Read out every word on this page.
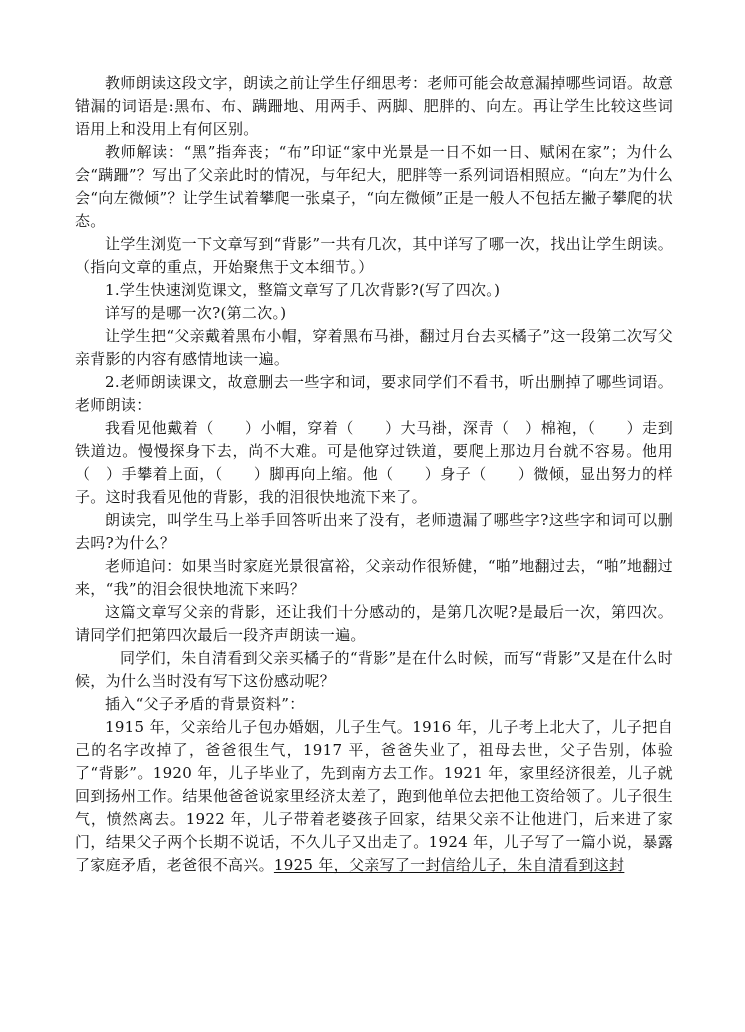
教师朗读这段文字，朗读之前让学生仔细思考：老师可能会故意漏掉哪些词语。故意错漏的词语是:黑布、布、蹒跚地、用两手、两脚、肥胖的、向左。再让学生比较这些词语用上和没用上有何区别。

教师解读：“黑”指奔丧；“布”印证“家中光景是一日不如一日、赋闲在家”；为什么会“蹒跚”？写出了父亲此时的情况，与年纪大，肥胖等一系列词语相照应。“向左”为什么会“向左微倾”？让学生试着攀爬一张桌子，“向左微倾”正是一般人不包括左撇子攀爬的状态。

让学生浏览一下文章写到“背影”一共有几次，其中详写了哪一次，找出让学生朗读。（指向文章的重点，开始聚焦于文本细节。）

1.学生快速浏览课文，整篇文章写了几次背影?(写了四次。)

详写的是哪一次?(第二次。)

让学生把“父亲戴着黑布小帽，穿着黑布马褂，翻过月台去买橘子”这一段第二次写父亲背影的内容有感情地读一遍。

2.老师朗读课文，故意删去一些字和词，要求同学们不看书，听出删掉了哪些词语。老师朗读：

我看见他戴着（　　）小帽，穿着（　　）大马褂，深青（　）棉袍，（　　）走到铁道边。慢慢探身下去，尚不大难。可是他穿过铁道，要爬上那边月台就不容易。他用（　）手攀着上面，（　　）脚再向上缩。他（　　）身子（　　）微倾，显出努力的样子。这时我看见他的背影，我的泪很快地流下来了。

朗读完，叫学生马上举手回答听出来了没有，老师遗漏了哪些字?这些字和词可以删去吗?为什么？

老师追问：如果当时家庭光景很富裕，父亲动作很矫健，“啪”地翻过去，“啪”地翻过来，“我”的泪会很快地流下来吗？

这篇文章写父亲的背影，还让我们十分感动的，是第几次呢?是最后一次，第四次。请同学们把第四次最后一段齐声朗读一遍。

同学们，朱自清看到父亲买橘子的“背影”是在什么时候，而写“背影”又是在什么时候，为什么当时没有写下这份感动呢？

插入“父子矛盾的背景资料”：

1915 年，父亲给儿子包办婚姻，儿子生气。1916 年，儿子考上北大了，儿子把自己的名字改掉了，爸爸很生气，1917 平，爸爸失业了，祖母去世，父子告别，体验了“背影”。1920 年，儿子毕业了，先到南方去工作。1921 年，家里经济很差，儿子就回到扬州工作。结果他爸爸说家里经济太差了，跑到他单位去把他工资给领了。儿子很生气，愤然离去。1922 年，儿子带着老婆孩子回家，结果父亲不让他进门，后来进了家门，结果父子两个长期不说话，不久儿子又出走了。1924 年，儿子写了一篇小说，暴露了家庭矛盾，老爸很不高兴。1925 年，父亲写了一封信给儿子，朱自清看到这封
